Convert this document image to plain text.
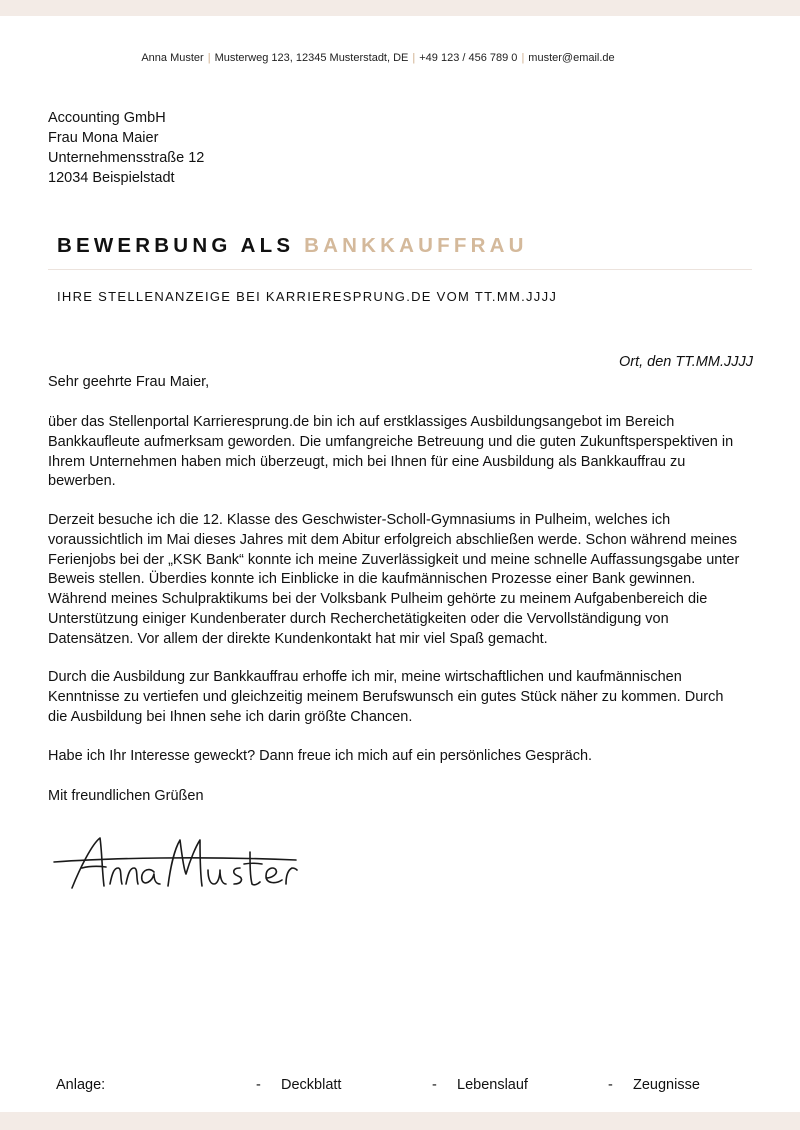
Anna Muster | Musterweg 123, 12345 Musterstadt, DE | +49 123 / 456 789 0 | muster@email.de
Accounting GmbH
Frau Mona Maier
Unternehmensstraße 12
12034 Beispielstadt
BEWERBUNG ALS BANKKAUFFRAU
IHRE STELLENANZEIGE BEI KARRIERESPRUNG.DE VOM TT.MM.JJJJ
Ort, den TT.MM.JJJJ

Sehr geehrte Frau Maier,

über das Stellenportal Karrieresprung.de bin ich auf erstklassiges Ausbildungsangebot im Bereich

Bankkaufleute aufmerksam geworden. Die umfangreiche Betreuung und die guten Zukunftsperspektiven in

Ihrem Unternehmen haben mich überzeugt, mich bei Ihnen für eine Ausbildung als Bankkauffrau zu

bewerben.

Derzeit besuche ich die 12. Klasse des Geschwister-Scholl-Gymnasiums in Pulheim, welches ich

voraussichtlich im Mai dieses Jahres mit dem Abitur erfolgreich abschließen werde. Schon während meines

Ferienjobs bei der „KSK Bank“ konnte ich meine Zuverlässigkeit und meine schnelle Auffassungsgabe unter

Beweis stellen. Überdies konnte ich Einblicke in die kaufmännischen Prozesse einer Bank gewinnen.

Während meines Schulpraktikums bei der Volksbank Pulheim gehörte zu meinem Aufgabenbereich die

Unterstützung einiger Kundenberater durch Recherchetätigkeiten oder die Vervollständigung von

Datensätzen. Vor allem der direkte Kundenkontakt hat mir viel Spaß gemacht.

Durch die Ausbildung zur Bankkauffrau erhoffe ich mir, meine wirtschaftlichen und kaufmännischen

Kenntnisse zu vertiefen und gleichzeitig meinem Berufswunsch ein gutes Stück näher zu kommen. Durch

die Ausbildung bei Ihnen sehe ich darin größte Chancen.

Habe ich Ihr Interesse geweckt? Dann freue ich mich auf ein persönliches Gespräch.

Mit freundlichen Grüßen

Anlage:	- Deckblatt	- Lebenslauf	- Zeugnisse
